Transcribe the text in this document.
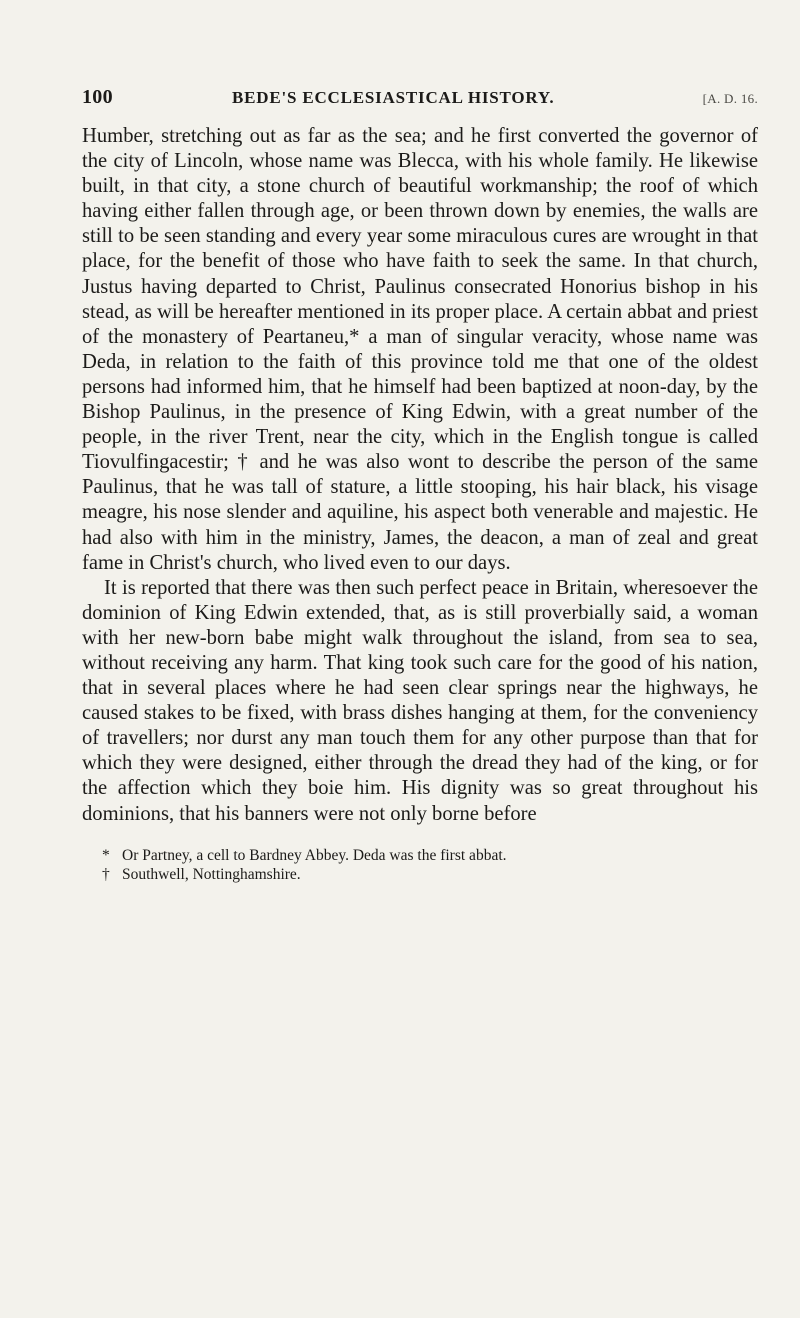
100	BEDE'S ECCLESIASTICAL HISTORY.	[A. D. 16.

Humber, stretching out as far as the sea; and he first converted the governor of the city of Lincoln, whose name was Blecca, with his whole family. He likewise built, in that city, a stone church of beautiful workmanship; the roof of which having either fallen through age, or been thrown down by enemies, the walls are still to be seen standing and every year some miraculous cures are wrought in that place, for the benefit of those who have faith to seek the same. In that church, Justus having departed to Christ, Paulinus consecrated Honorius bishop in his stead, as will be hereafter mentioned in its proper place. A certain abbat and priest of the monastery of Peartaneu,* a man of singular veracity, whose name was Deda, in relation to the faith of this province told me that one of the oldest persons had informed him, that he himself had been baptized at noon-day, by the Bishop Paulinus, in the presence of King Edwin, with a great number of the people, in the river Trent, near the city, which in the English tongue is called Tiovulfingacestir; † and he was also wont to describe the person of the same Paulinus, that he was tall of stature, a little stooping, his hair black, his visage meagre, his nose slender and aquiline, his aspect both venerable and majestic. He had also with him in the ministry, James, the deacon, a man of zeal and great fame in Christ's church, who lived even to our days.

It is reported that there was then such perfect peace in Britain, wheresoever the dominion of King Edwin extended, that, as is still proverbially said, a woman with her new-born babe might walk throughout the island, from sea to sea, without receiving any harm. That king took such care for the good of his nation, that in several places where he had seen clear springs near the highways, he caused stakes to be fixed, with brass dishes hanging at them, for the conveniency of travellers; nor durst any man touch them for any other purpose than that for which they were designed, either through the dread they had of the king, or for the affection which they boie him. His dignity was so great throughout his dominions, that his banners were not only borne before

* Or Partney, a cell to Bardney Abbey. Deda was the first abbat.
† Southwell, Nottinghamshire.
